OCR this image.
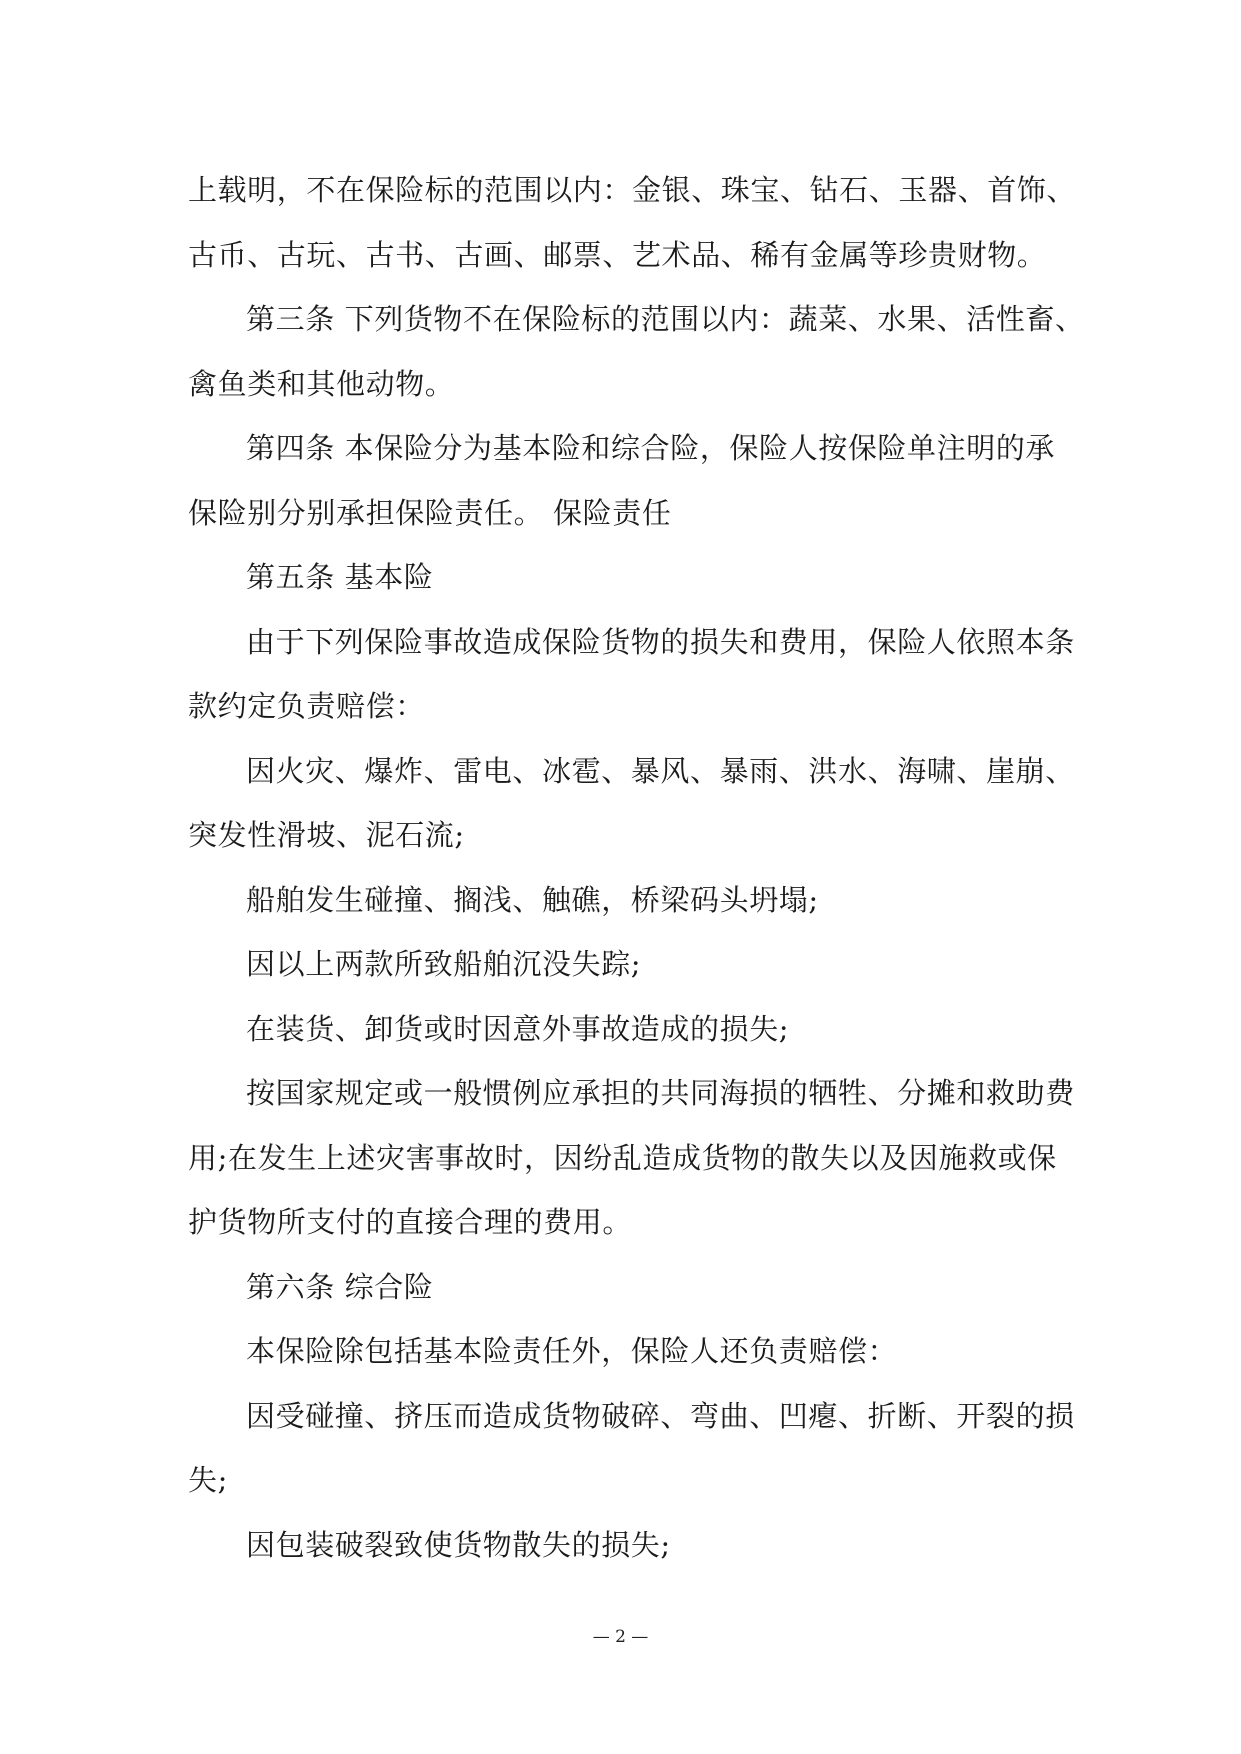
上载明，不在保险标的范围以内：金银、珠宝、钻石、玉器、首饰、
古币、古玩、古书、古画、邮票、艺术品、稀有金属等珍贵财物。
第三条 下列货物不在保险标的范围以内：蔬菜、水果、活性畜、
禽鱼类和其他动物。
第四条 本保险分为基本险和综合险，保险人按保险单注明的承
保险别分别承担保险责任。 保险责任
第五条 基本险
由于下列保险事故造成保险货物的损失和费用，保险人依照本条
款约定负责赔偿：
因火灾、爆炸、雷电、冰雹、暴风、暴雨、洪水、海啸、崖崩、
突发性滑坡、泥石流;
船舶发生碰撞、搁浅、触礁，桥梁码头坍塌;
因以上两款所致船舶沉没失踪;
在装货、卸货或时因意外事故造成的损失;
按国家规定或一般惯例应承担的共同海损的牺牲、分摊和救助费
用;在发生上述灾害事故时，因纷乱造成货物的散失以及因施救或保
护货物所支付的直接合理的费用。
第六条 综合险
本保险除包括基本险责任外，保险人还负责赔偿：
因受碰撞、挤压而造成货物破碎、弯曲、凹瘪、折断、开裂的损
失;
因包装破裂致使货物散失的损失;
— 2 —
